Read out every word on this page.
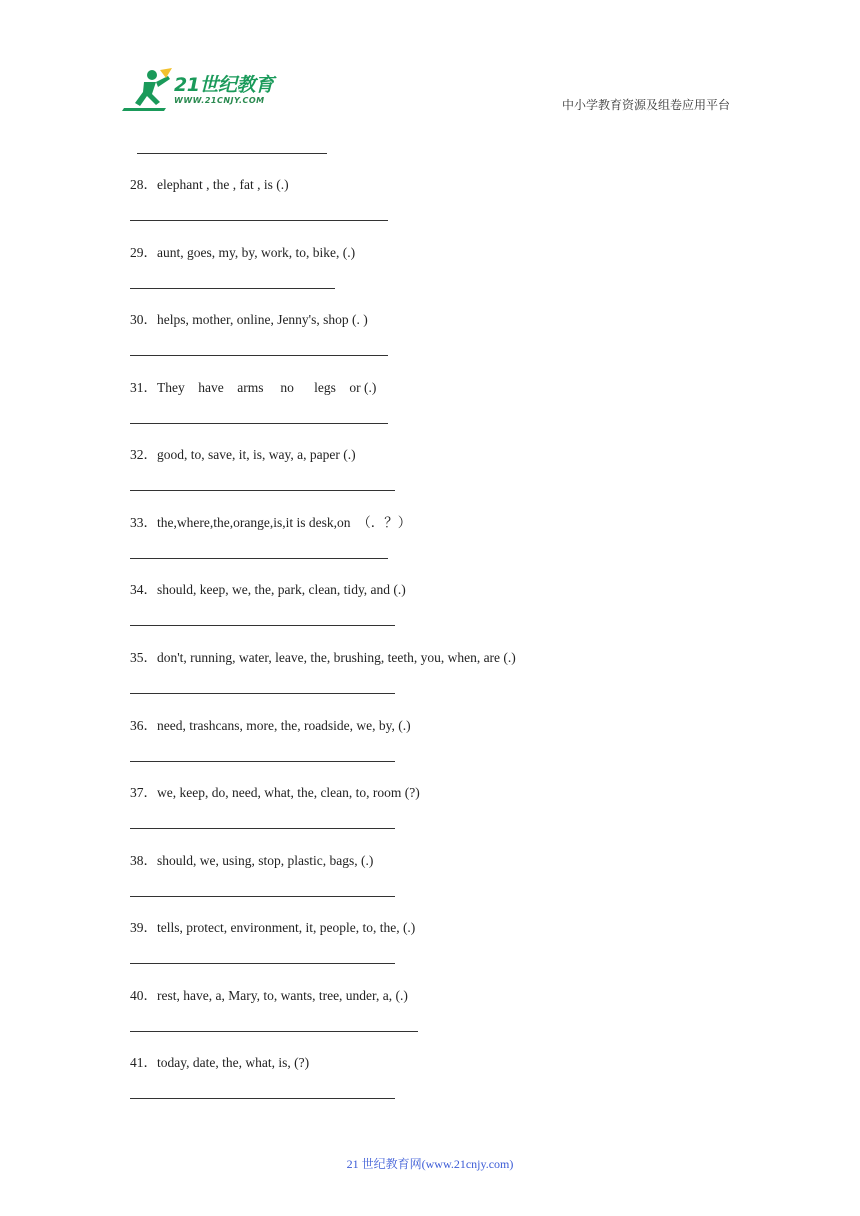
21世纪教育
WWW.21CNJY.COM	中小学教育资源及组卷应用平台
28．elephant , the , fat , is (.)
29．aunt, goes, my, by, work, to, bike, (.)
30．helps, mother, online, Jenny's, shop (. )
31．They    have    arms     no      legs    or (.)
32．good, to, save, it, is, way, a, paper (.)
33．the,where,the,orange,is,it is desk,on  （．？）
34．should, keep, we, the, park, clean, tidy, and (.)
35．don't, running, water, leave, the, brushing, teeth, you, when, are (.)
36．need, trashcans, more, the, roadside, we, by, (.)
37．we, keep, do, need, what, the, clean, to, room (?)
38．should, we, using, stop, plastic, bags, (.)
39．tells, protect, environment, it, people, to, the, (.)
40．rest, have, a, Mary, to, wants, tree, under, a, (.)
41．today, date, the, what, is, (?)
21 世纪教育网(www.21cnjy.com)
